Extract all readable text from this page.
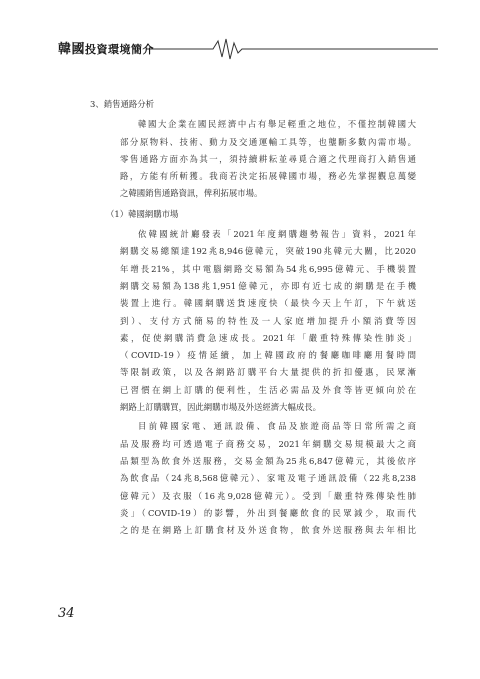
韓國投資環境簡介
3、銷售通路分析
韓國大企業在國民經濟中占有舉足輕重之地位，不僅控制韓國大
部分原物料、技術、動力及交通運輸工具等，也壟斷多數內需市場。
零售通路方面亦為其一，須持續耕耘並尋覓合適之代理商打入銷售通
路，方能有所斬獲。我商若決定拓展韓國市場，務必先掌握觀息萬變
之韓國銷售通路資訊，俾利拓展市場。
（1）韓國網購市場
依韓國統計廳發表「2021年度網購趨勢報告」資料，2021年
網購交易總額達192兆8,946億韓元，突破190兆韓元大關，比2020
年增長21%，其中電腦網路交易額為54兆6,995億韓元、手機裝置
網購交易額為138兆1,951億韓元，亦即有近七成的網購是在手機
裝置上進行。韓國網購送貨速度快（最快今天上午訂，下午就送
到）、支付方式簡易的特性及一人家庭增加提升小額消費等因
素，促使網購消費急速成長。2021年「嚴重特殊傳染性肺炎」
（COVID-19）疫情延續，加上韓國政府的餐廳咖啡廳用餐時間
等限制政策，以及各網路訂購平台大量提供的折扣優惠，民眾漸
已習慣在網上訂購的便利性，生活必需品及外食等皆更傾向於在
網路上訂購購買，因此網購市場及外送經濟大幅成長。
目前韓國家電、通訊設備、食品及旅遊商品等日常所需之商
品及服務均可透過電子商務交易，2021年網購交易規模最大之商
品類型為飲食外送服務，交易金額為25兆6,847億韓元，其後依序
為飲食品（24兆8,568億韓元）、家電及電子通訊設備（22兆8,238
億韓元）及衣服（16兆9,028億韓元）。受到「嚴重特殊傳染性肺
炎」（COVID-19）的影響，外出到餐廳飲食的民眾減少，取而代
之的是在網路上訂購食材及外送食物，飲食外送服務與去年相比
34
